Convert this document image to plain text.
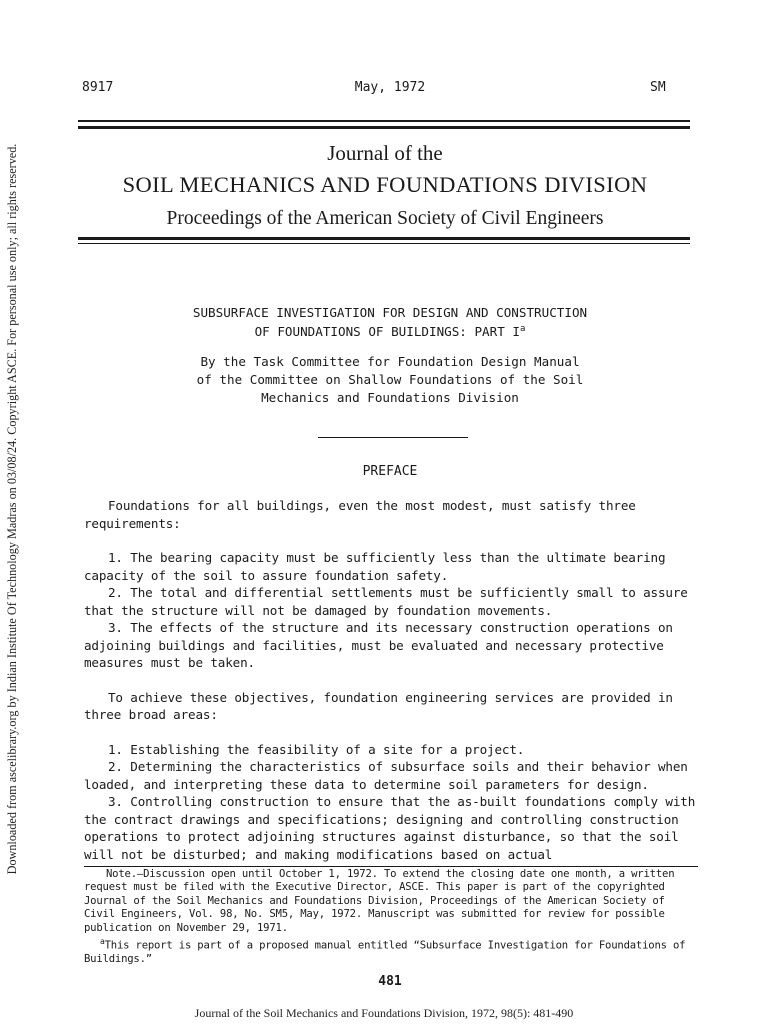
Downloaded from ascelibrary.org by Indian Institute Of Technology Madras on 03/08/24. Copyright ASCE. For personal use only; all rights reserved.
8917	May, 1972	SM
Journal of the
SOIL MECHANICS AND FOUNDATIONS DIVISION
Proceedings of the American Society of Civil Engineers
SUBSURFACE INVESTIGATION FOR DESIGN AND CONSTRUCTION
OF FOUNDATIONS OF BUILDINGS: PART $I^a$
By the Task Committee for Foundation Design Manual
of the Committee on Shallow Foundations of the Soil
Mechanics and Foundations Division
PREFACE

Foundations for all buildings, even the most modest, must satisfy three requirements:

1. The bearing capacity must be sufficiently less than the ultimate bearing capacity of the soil to assure foundation safety.

2. The total and differential settlements must be sufficiently small to assure that the structure will not be damaged by foundation movements.

3. The effects of the structure and its necessary construction operations on adjoining buildings and facilities, must be evaluated and necessary protective measures must be taken.

To achieve these objectives, foundation engineering services are provided in three broad areas:

1. Establishing the feasibility of a site for a project.

2. Determining the characteristics of subsurface soils and their behavior when loaded, and interpreting these data to determine soil parameters for design.

3. Controlling construction to ensure that the as-built foundations comply with the contract drawings and specifications; designing and controlling construction operations to protect adjoining structures against disturbance, so that the soil will not be disturbed; and making modifications based on actual

Note.—Discussion open until October 1, 1972. To extend the closing date one month, a written request must be filed with the Executive Director, ASCE. This paper is part of the copyrighted Journal of the Soil Mechanics and Foundations Division, Proceedings of the American Society of Civil Engineers, Vol. 98, No. SM5, May, 1972. Manuscript was submitted for review for possible publication on November 29, 1971.

$^a$This report is part of a proposed manual entitled “Subsurface Investigation for Foundations of Buildings.”

481
Journal of the Soil Mechanics and Foundations Division, 1972, 98(5): 481-490
